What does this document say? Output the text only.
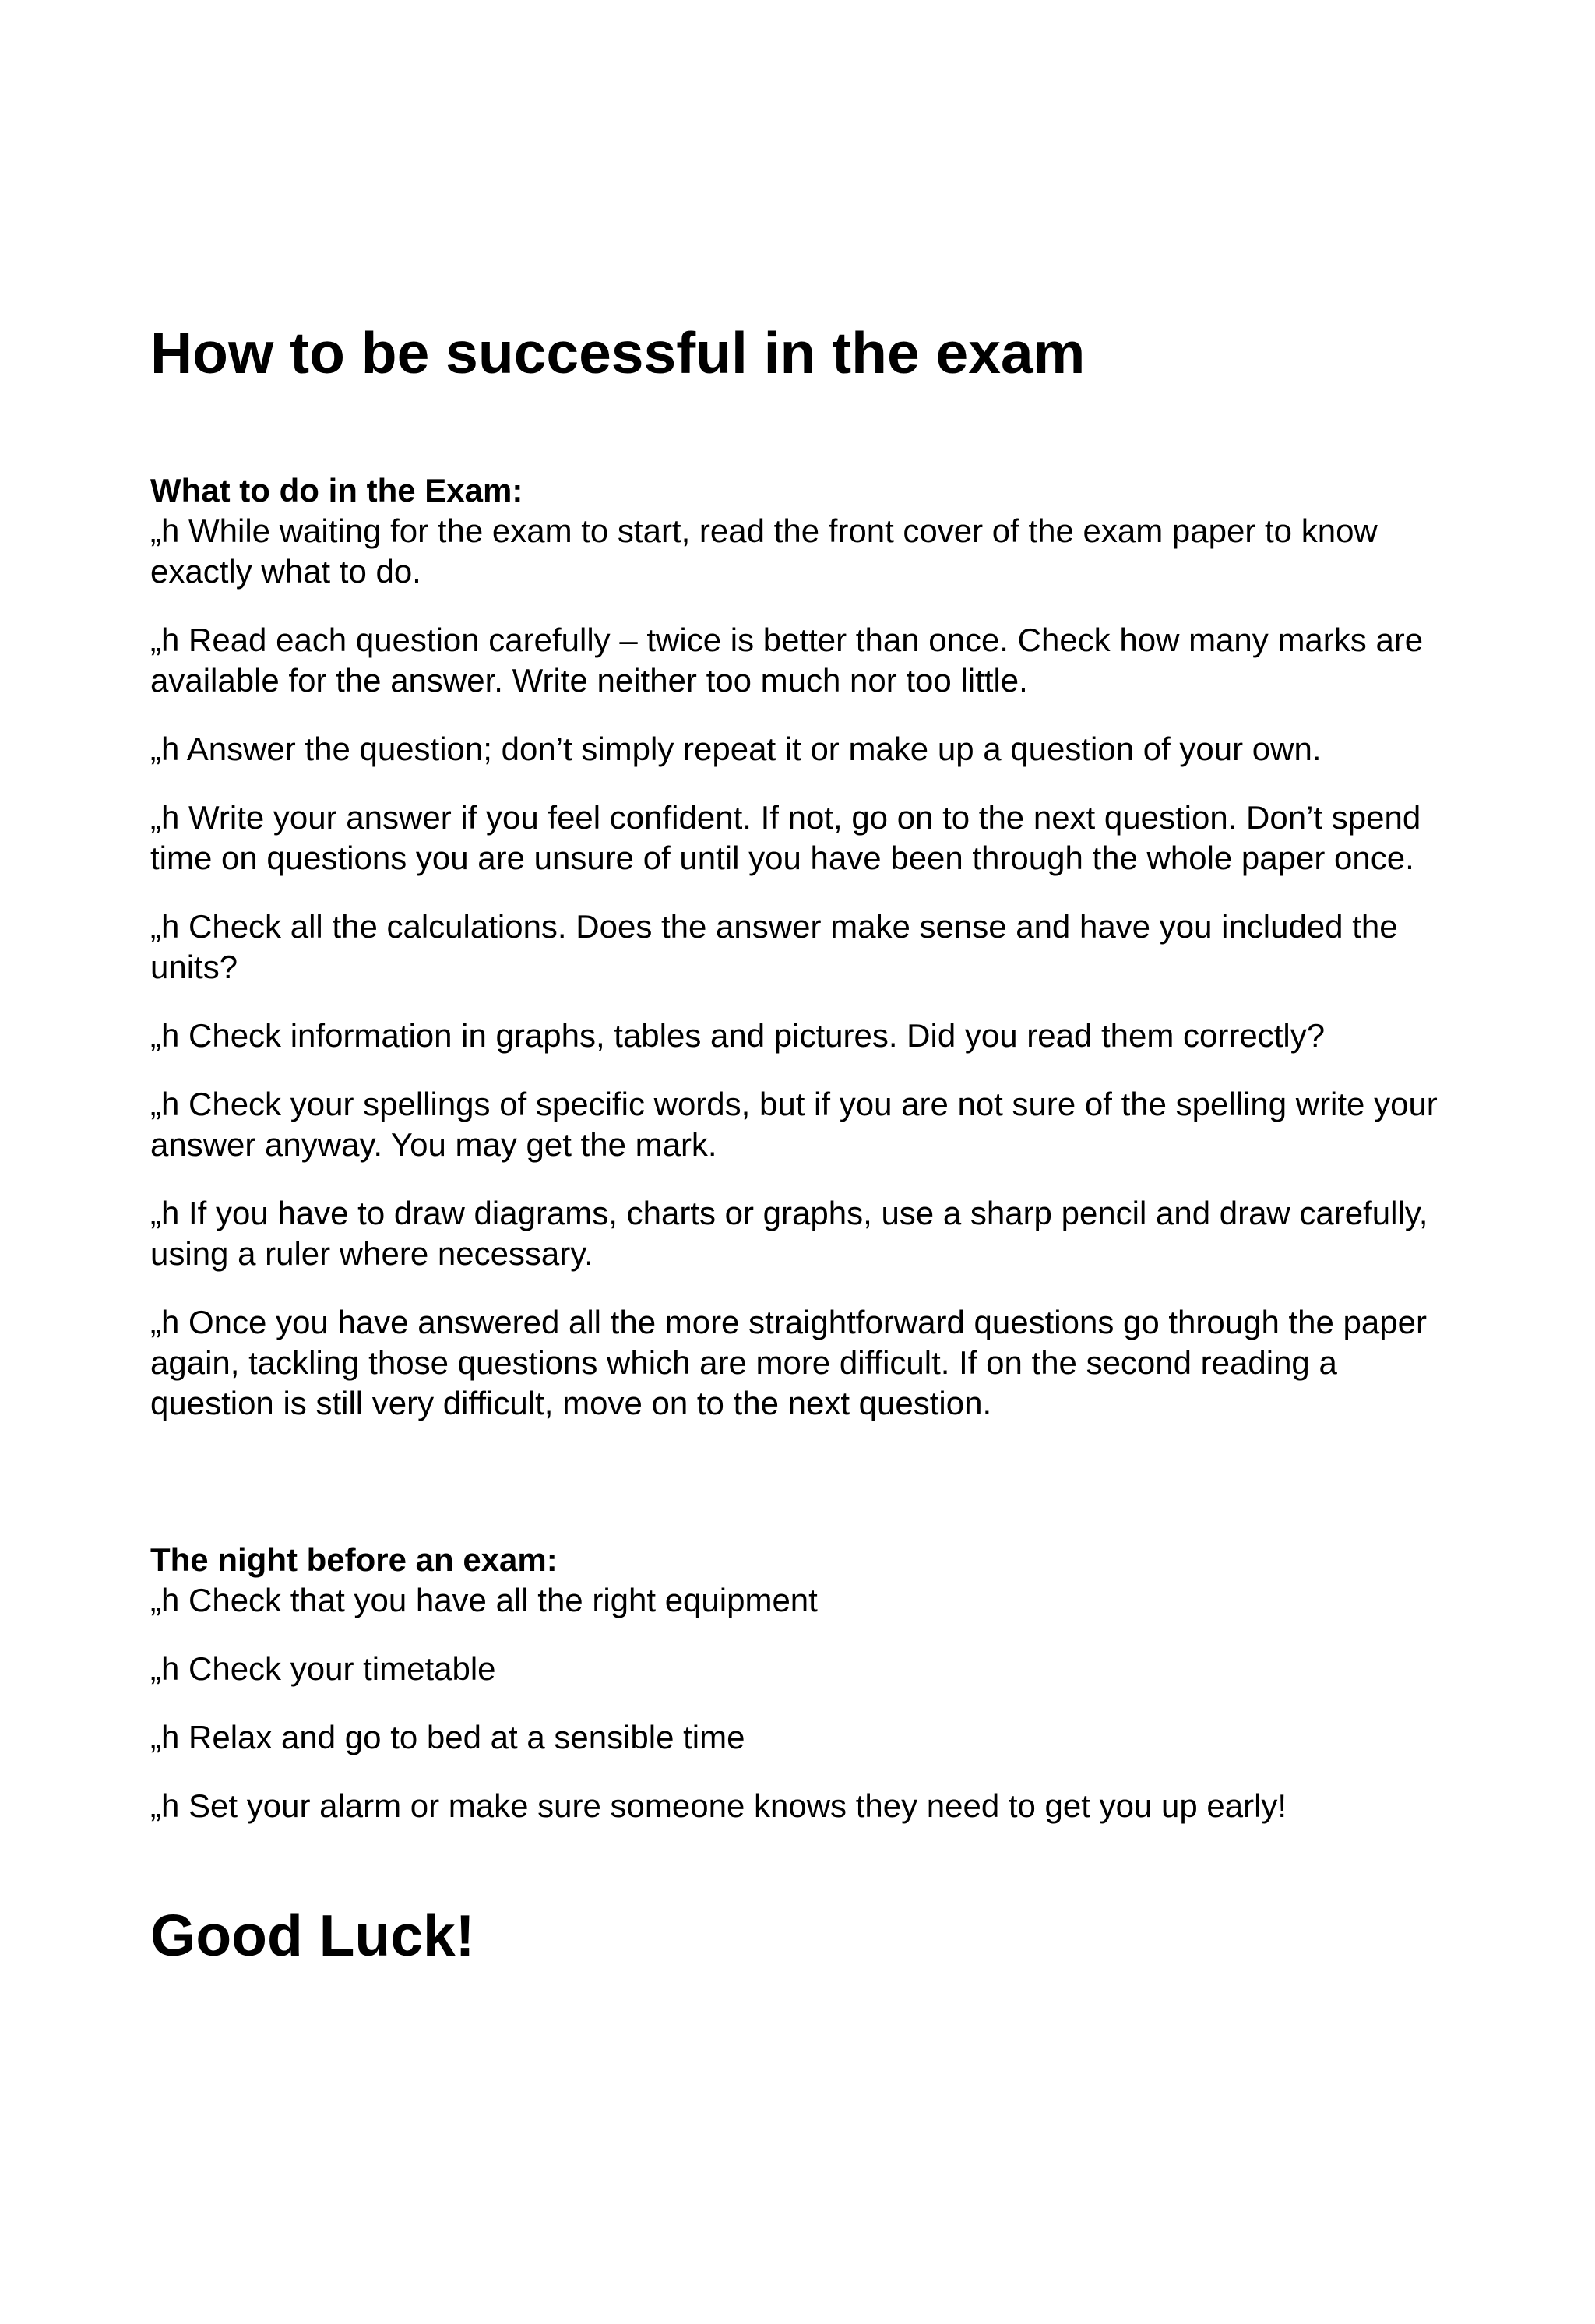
How to be successful in the exam

What to do in the Exam:

„h While waiting for the exam to start, read the front cover of the exam paper to know exactly what to do.

„h Read each question carefully – twice is better than once. Check how many marks are available for the answer. Write neither too much nor too little.

„h Answer the question; don’t simply repeat it or make up a question of your own.

„h Write your answer if you feel confident. If not, go on to the next question. Don’t spend time on questions you are unsure of until you have been through the whole paper once.

„h Check all the calculations. Does the answer make sense and have you included the units?

„h Check information in graphs, tables and pictures. Did you read them correctly?

„h Check your spellings of specific words, but if you are not sure of the spelling write your answer anyway. You may get the mark.

„h If you have to draw diagrams, charts or graphs, use a sharp pencil and draw carefully, using a ruler where necessary.

„h Once you have answered all the more straightforward questions go through the paper again, tackling those questions which are more difficult. If on the second reading a question is still very difficult, move on to the next question.

The night before an exam:

„h Check that you have all the right equipment

„h Check your timetable

„h Relax and go to bed at a sensible time

„h Set your alarm or make sure someone knows they need to get you up early!

Good Luck!
